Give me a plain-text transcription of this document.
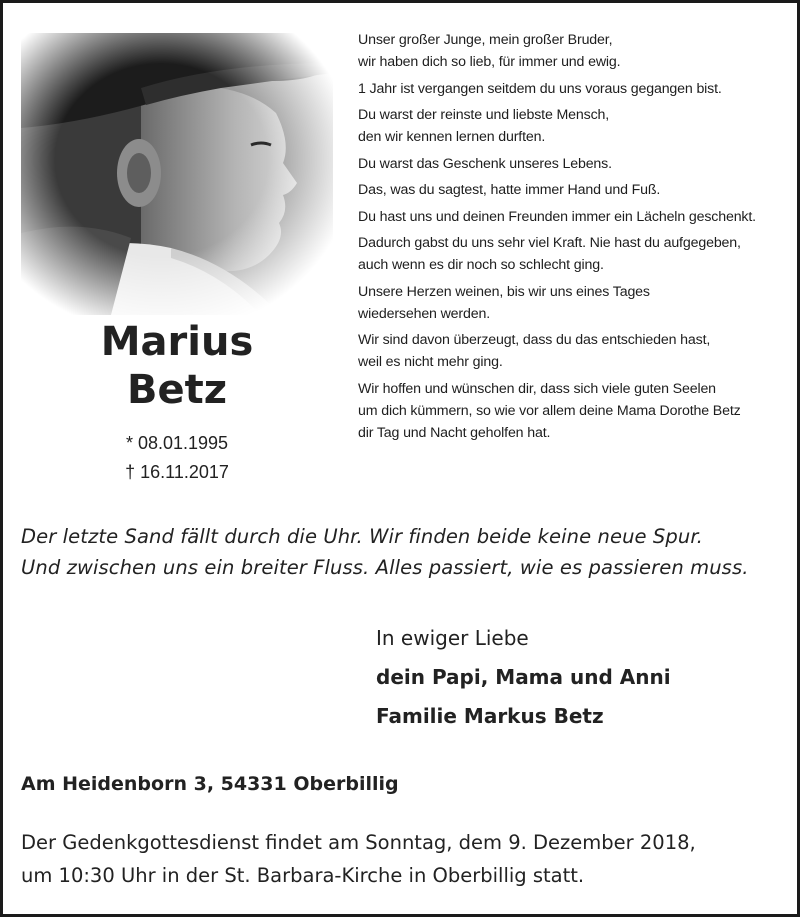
Marius
Betz
* 08.01.1995
† 16.11.2017
Unser großer Junge, mein großer Bruder,
wir haben dich so lieb, für immer und ewig.
1 Jahr ist vergangen seitdem du uns voraus gegangen bist.
Du warst der reinste und liebste Mensch,
den wir kennen lernen durften.
Du warst das Geschenk unseres Lebens.
Das, was du sagtest, hatte immer Hand und Fuß.
Du hast uns und deinen Freunden immer ein Lächeln geschenkt.
Dadurch gabst du uns sehr viel Kraft. Nie hast du aufgegeben,
auch wenn es dir noch so schlecht ging.
Unsere Herzen weinen, bis wir uns eines Tages
wiedersehen werden.
Wir sind davon überzeugt, dass du das entschieden hast,
weil es nicht mehr ging.
Wir hoffen und wünschen dir, dass sich viele guten Seelen
um dich kümmern, so wie vor allem deine Mama Dorothe Betz
dir Tag und Nacht geholfen hat.
Der letzte Sand fällt durch die Uhr. Wir finden beide keine neue Spur.
Und zwischen uns ein breiter Fluss. Alles passiert, wie es passieren muss.
In ewiger Liebe
dein Papi, Mama und Anni
Familie Markus Betz
Am Heidenborn 3, 54331 Oberbillig
Der Gedenkgottesdienst findet am Sonntag, dem 9. Dezember 2018,
um 10:30 Uhr in der St. Barbara-Kirche in Oberbillig statt.
